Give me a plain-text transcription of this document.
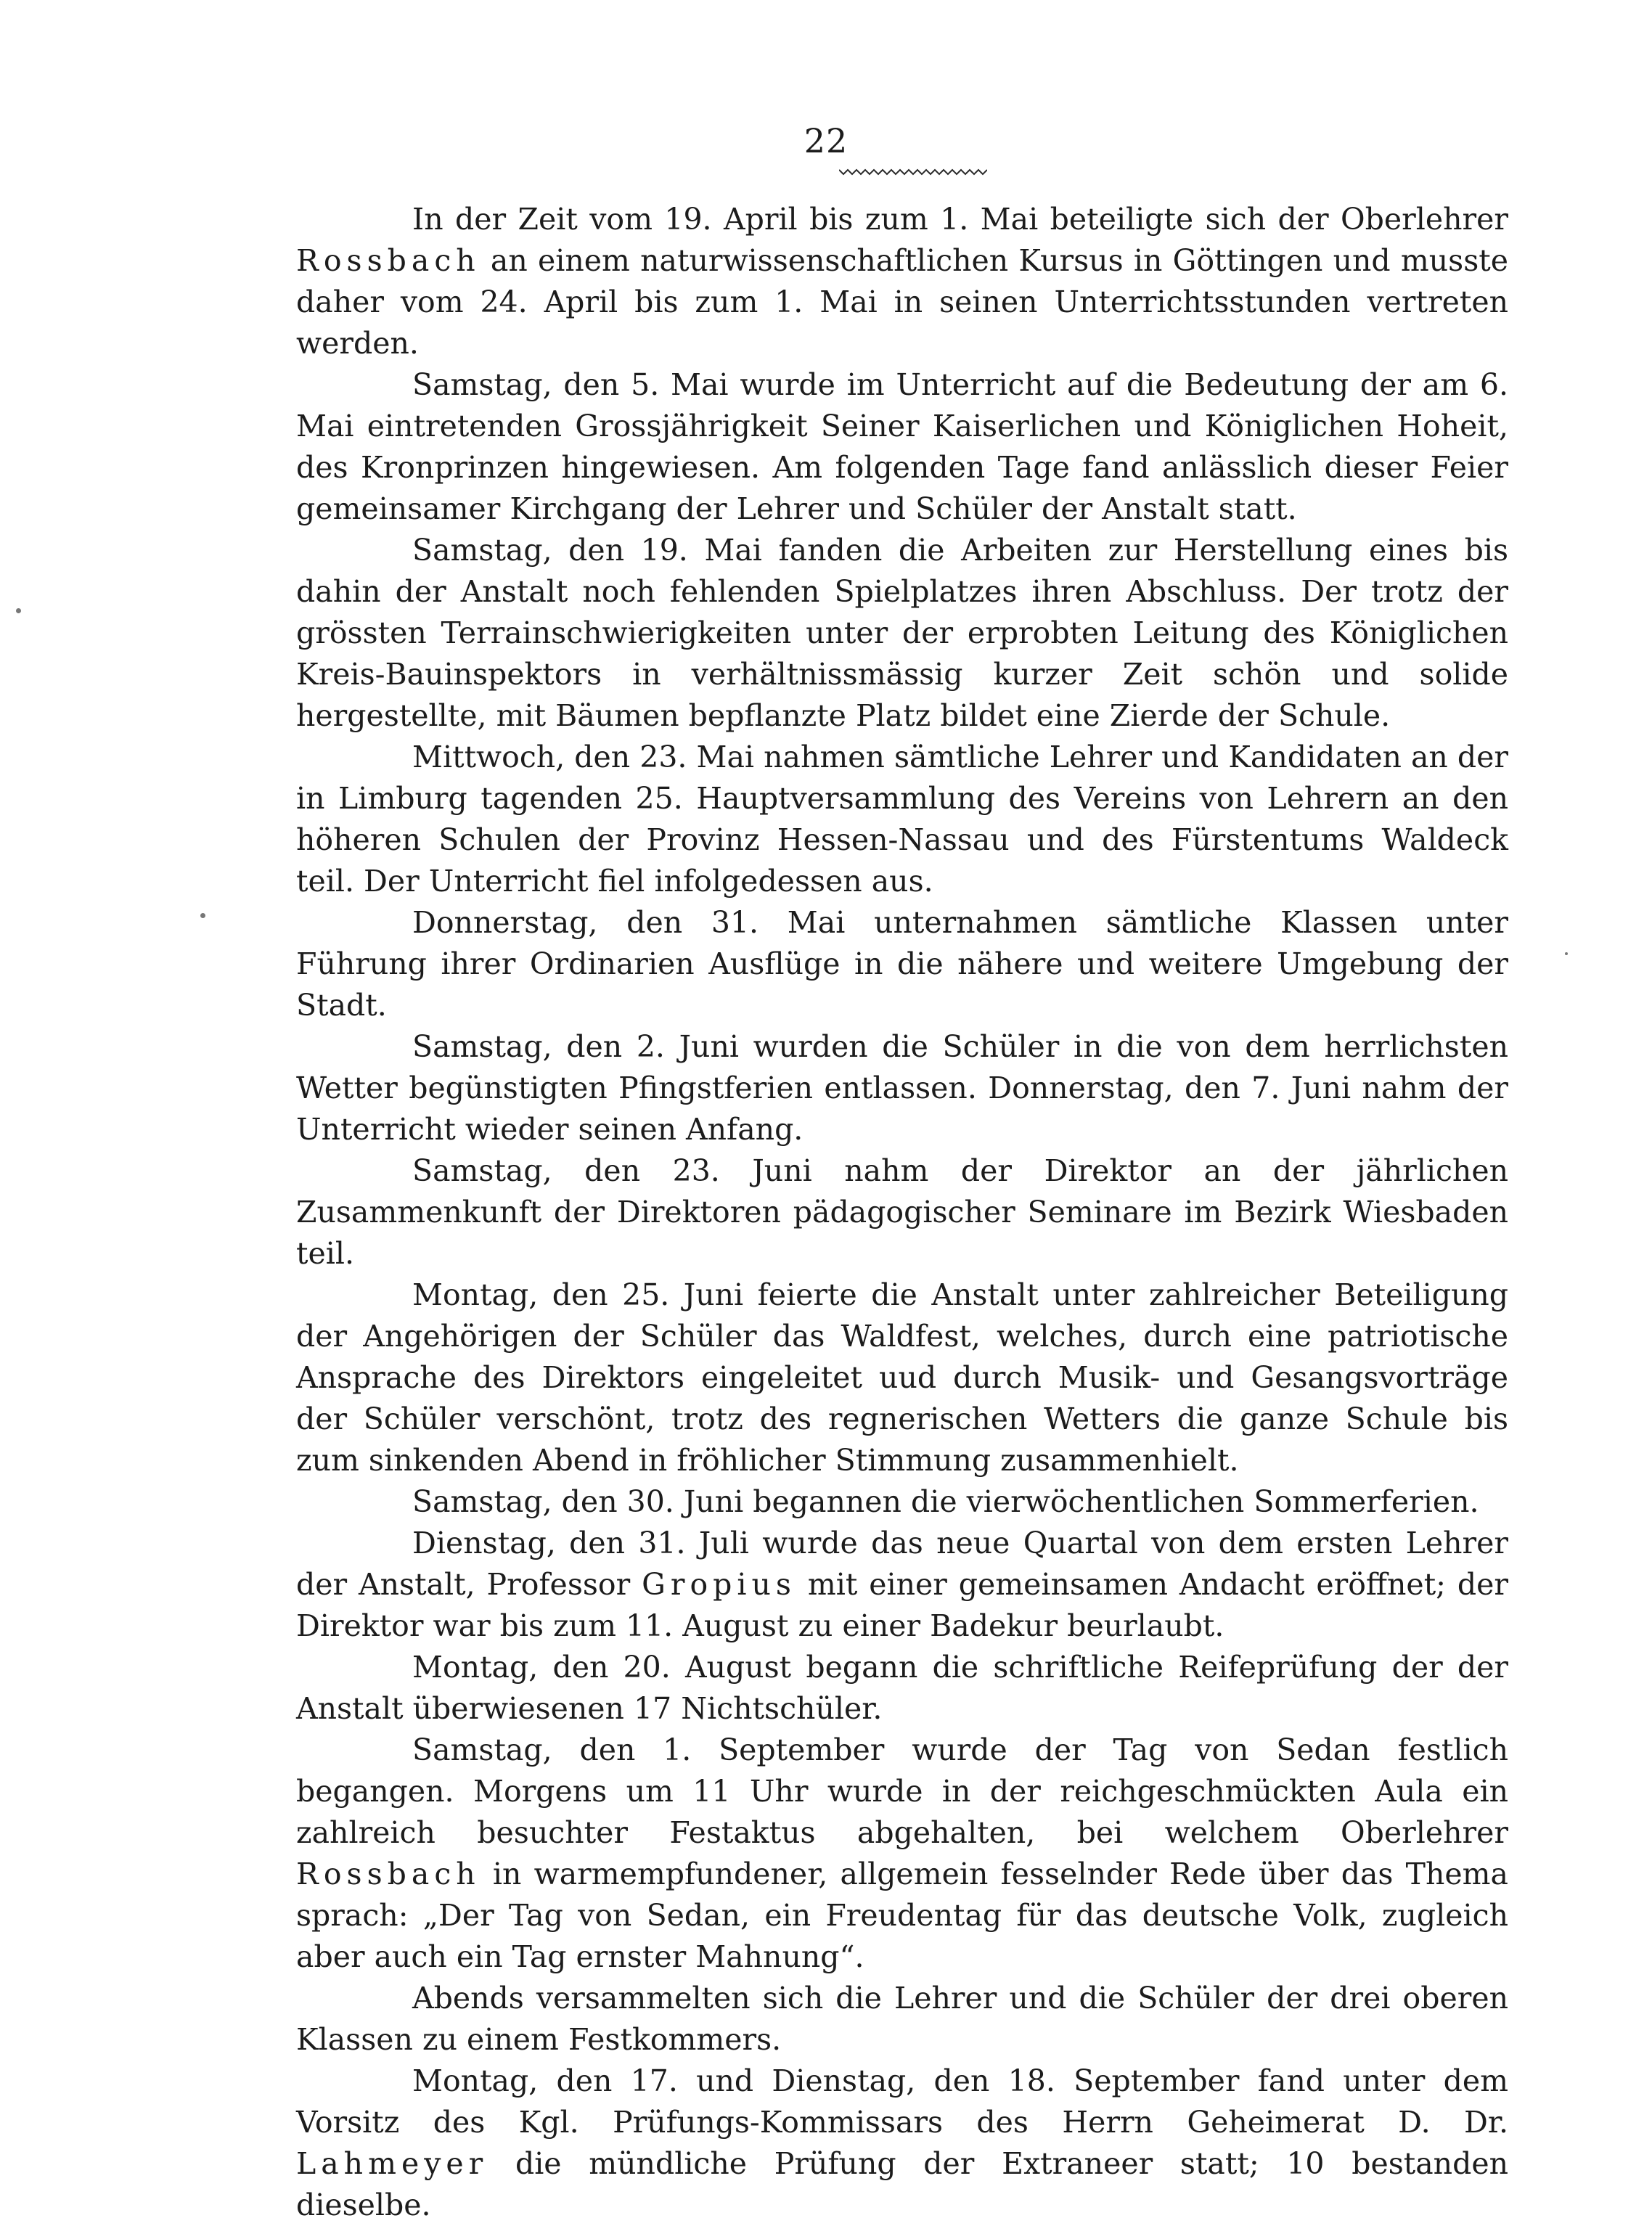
22

In der Zeit vom 19. April bis zum 1. Mai beteiligte sich der Oberlehrer Rossbach an einem naturwissenschaftlichen Kursus in Göttingen und musste daher vom 24. April bis zum 1. Mai in seinen Unterrichtsstunden vertreten werden.

Samstag, den 5. Mai wurde im Unterricht auf die Bedeutung der am 6. Mai eintretenden Grossjährigkeit Seiner Kaiserlichen und Königlichen Hoheit, des Kronprinzen hingewiesen. Am folgenden Tage fand anlässlich dieser Feier gemeinsamer Kirchgang der Lehrer und Schüler der Anstalt statt.

Samstag, den 19. Mai fanden die Arbeiten zur Herstellung eines bis dahin der Anstalt noch fehlenden Spielplatzes ihren Abschluss. Der trotz der grössten Terrainschwierigkeiten unter der erprobten Leitung des Königlichen Kreis-Bauinspektors in verhältnissmässig kurzer Zeit schön und solide hergestellte, mit Bäumen bepflanzte Platz bildet eine Zierde der Schule.

Mittwoch, den 23. Mai nahmen sämtliche Lehrer und Kandidaten an der in Limburg tagenden 25. Hauptversammlung des Vereins von Lehrern an den höheren Schulen der Provinz Hessen-Nassau und des Fürstentums Waldeck teil. Der Unterricht fiel infolgedessen aus.

Donnerstag, den 31. Mai unternahmen sämtliche Klassen unter Führung ihrer Ordinarien Ausflüge in die nähere und weitere Umgebung der Stadt.

Samstag, den 2. Juni wurden die Schüler in die von dem herrlichsten Wetter begünstigten Pfingstferien entlassen. Donnerstag, den 7. Juni nahm der Unterricht wieder seinen Anfang.

Samstag, den 23. Juni nahm der Direktor an der jährlichen Zusammenkunft der Direktoren pädagogischer Seminare im Bezirk Wiesbaden teil.

Montag, den 25. Juni feierte die Anstalt unter zahlreicher Beteiligung der Angehörigen der Schüler das Waldfest, welches, durch eine patriotische Ansprache des Direktors eingeleitet uud durch Musik- und Gesangsvorträge der Schüler verschönt, trotz des regnerischen Wetters die ganze Schule bis zum sinkenden Abend in fröhlicher Stimmung zusammenhielt.

Samstag, den 30. Juni begannen die vierwöchentlichen Sommerferien.

Dienstag, den 31. Juli wurde das neue Quartal von dem ersten Lehrer der Anstalt, Professor Gropius mit einer gemeinsamen Andacht eröffnet; der Direktor war bis zum 11. August zu einer Badekur beurlaubt.

Montag, den 20. August begann die schriftliche Reifeprüfung der der Anstalt überwiesenen 17 Nichtschüler.

Samstag, den 1. September wurde der Tag von Sedan festlich begangen. Morgens um 11 Uhr wurde in der reichgeschmückten Aula ein zahlreich besuchter Festaktus abgehalten, bei welchem Oberlehrer Rossbach in warmempfundener, allgemein fesselnder Rede über das Thema sprach: „Der Tag von Sedan, ein Freudentag für das deutsche Volk, zugleich aber auch ein Tag ernster Mahnung“.

Abends versammelten sich die Lehrer und die Schüler der drei oberen Klassen zu einem Festkommers.

Montag, den 17. und Dienstag, den 18. September fand unter dem Vorsitz des Kgl. Prüfungs-Kommissars des Herrn Geheimerat D. Dr. Lahmeyer die mündliche Prüfung der Extraneer statt; 10 bestanden dieselbe.
